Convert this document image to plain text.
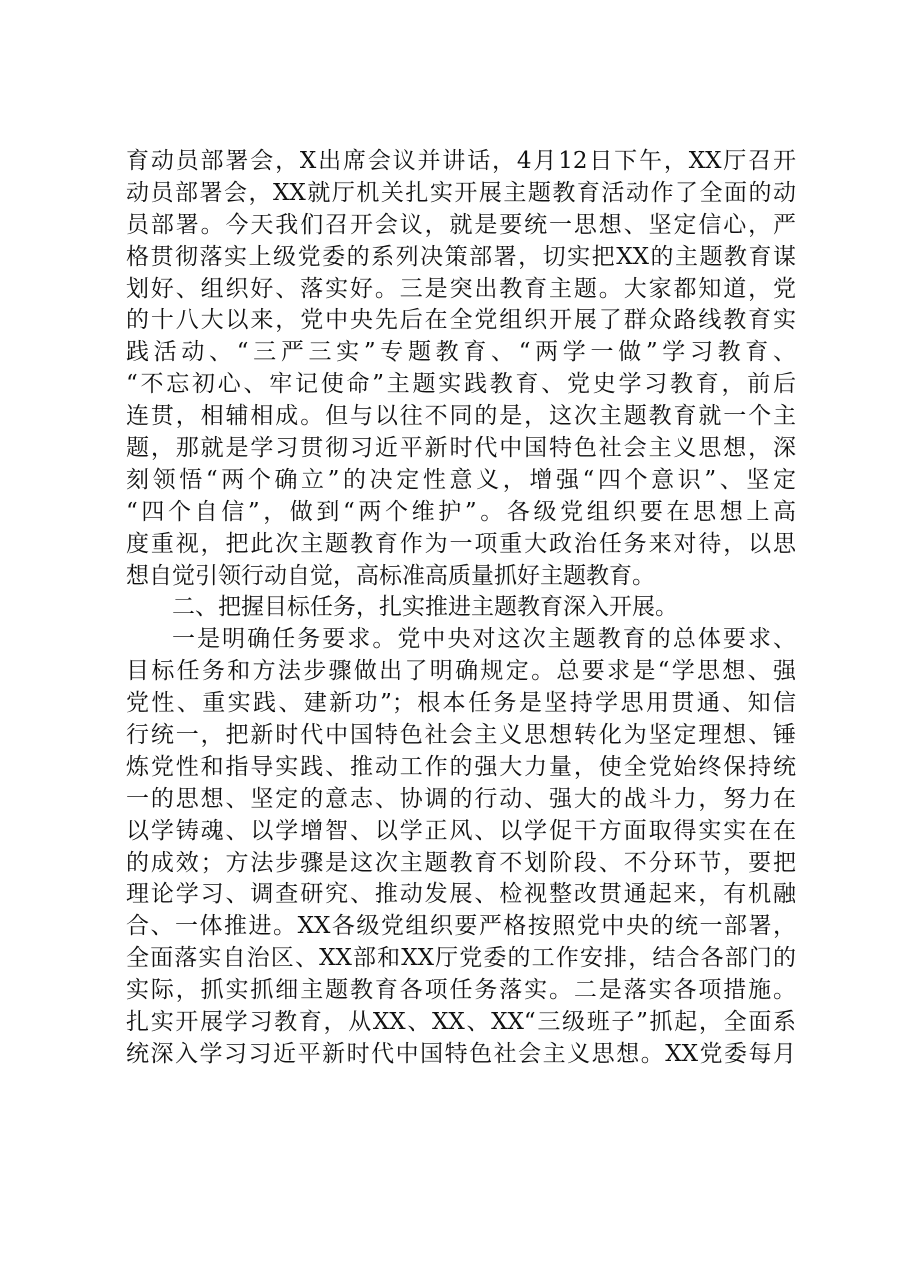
育动员部署会，X出席会议并讲话，4月12日下午，XX厅召开
动员部署会，XX就厅机关扎实开展主题教育活动作了全面的动
员部署。今天我们召开会议，就是要统一思想、坚定信心，严
格贯彻落实上级党委的系列决策部署，切实把XX的主题教育谋
划好、组织好、落实好。三是突出教育主题。大家都知道，党
的十八大以来，党中央先后在全党组织开展了群众路线教育实
践活动、“三严三实”专题教育、“两学一做”学习教育、
“不忘初心、牢记使命”主题实践教育、党史学习教育，前后
连贯，相辅相成。但与以往不同的是，这次主题教育就一个主
题，那就是学习贯彻习近平新时代中国特色社会主义思想，深
刻领悟“两个确立”的决定性意义，增强“四个意识”、坚定
“四个自信”，做到“两个维护”。各级党组织要在思想上高
度重视，把此次主题教育作为一项重大政治任务来对待，以思
想自觉引领行动自觉，高标准高质量抓好主题教育。
二、把握目标任务，扎实推进主题教育深入开展。
一是明确任务要求。党中央对这次主题教育的总体要求、
目标任务和方法步骤做出了明确规定。总要求是“学思想、强
党性、重实践、建新功”；根本任务是坚持学思用贯通、知信
行统一，把新时代中国特色社会主义思想转化为坚定理想、锤
炼党性和指导实践、推动工作的强大力量，使全党始终保持统
一的思想、坚定的意志、协调的行动、强大的战斗力，努力在
以学铸魂、以学增智、以学正风、以学促干方面取得实实在在
的成效；方法步骤是这次主题教育不划阶段、不分环节，要把
理论学习、调查研究、推动发展、检视整改贯通起来，有机融
合、一体推进。XX各级党组织要严格按照党中央的统一部署，
全面落实自治区、XX部和XX厅党委的工作安排，结合各部门的
实际，抓实抓细主题教育各项任务落实。二是落实各项措施。
扎实开展学习教育，从XX、XX、XX“三级班子”抓起，全面系
统深入学习习近平新时代中国特色社会主义思想。XX党委每月
